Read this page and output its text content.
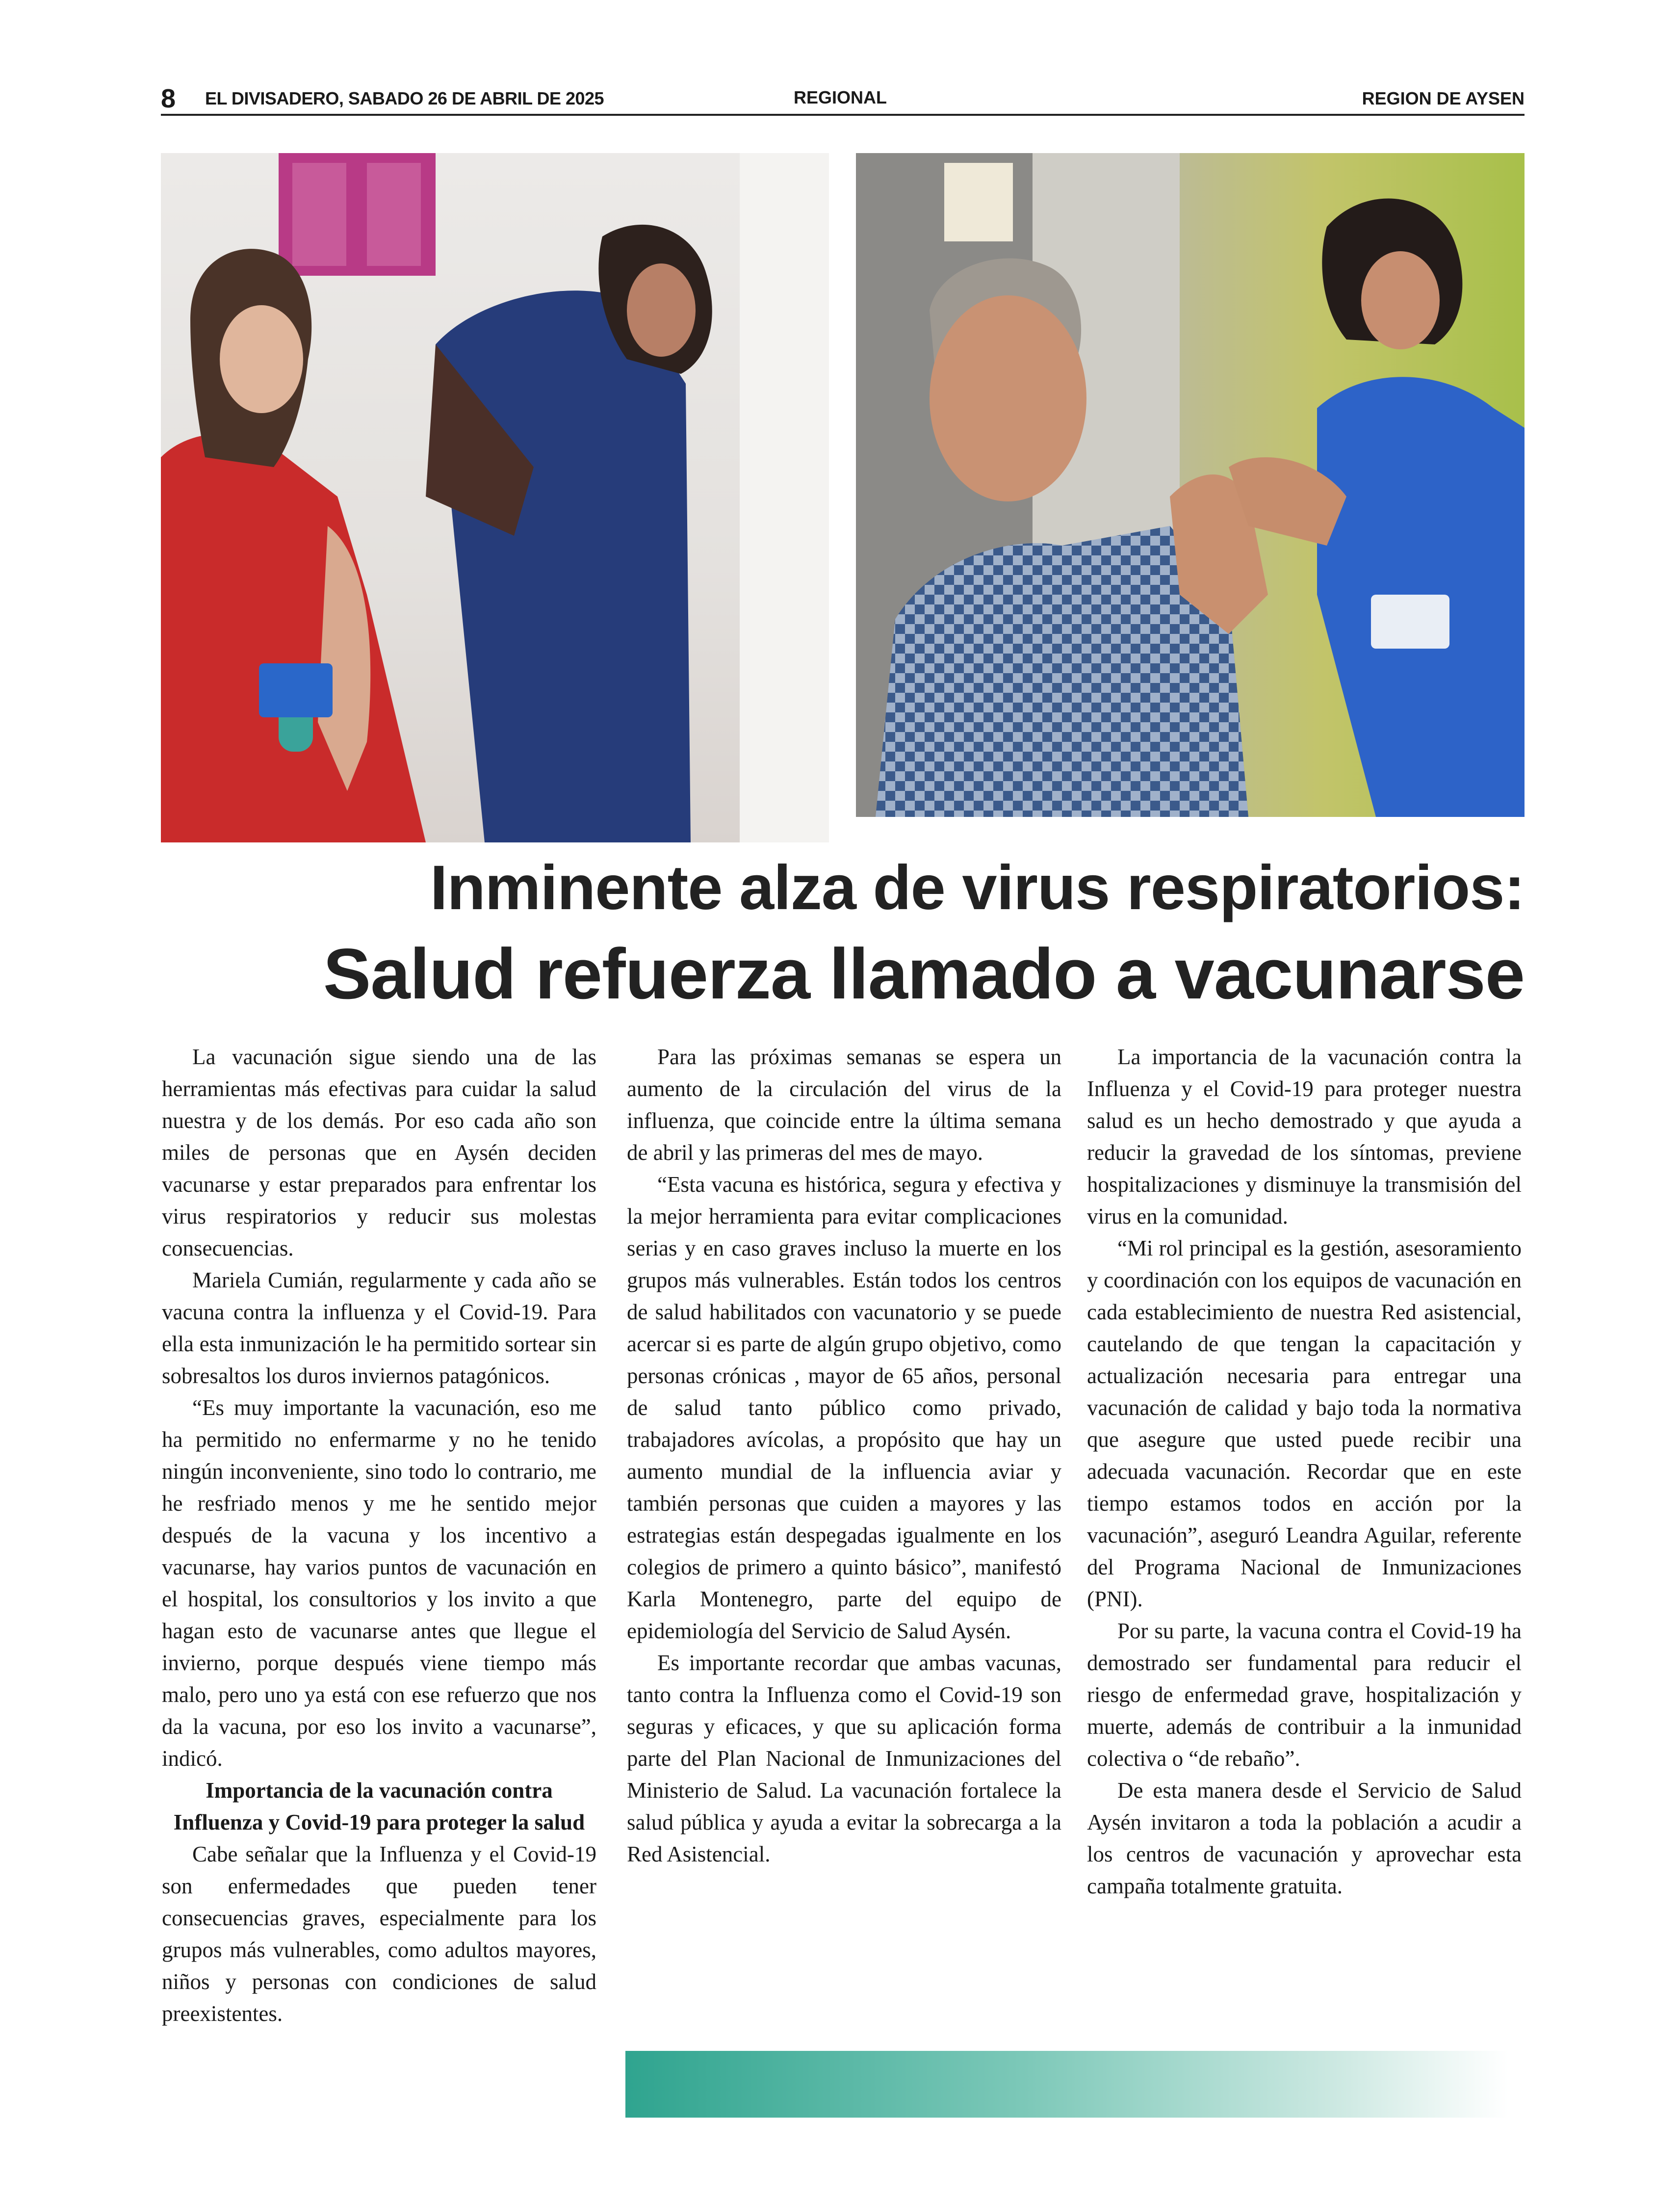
8 EL DIVISADERO, SABADO 26 DE ABRIL DE 2025	REGIONAL	REGION DE AYSEN
Inminente alza de virus respiratorios:
Salud refuerza llamado a vacunarse

La vacunación sigue siendo una de las herramientas más efectivas para cuidar la salud nuestra y de los demás. Por eso cada año son miles de personas que en Aysén deciden vacunarse y estar preparados para enfrentar los virus respiratorios y reducir sus molestas consecuencias.

Mariela Cumián, regularmente y cada año se vacuna contra la influenza y el Covid-19. Para ella esta inmunización le ha permitido sortear sin sobresaltos los duros inviernos patagónicos.

“Es muy importante la vacunación, eso me ha permitido no enfermarme y no he tenido ningún inconveniente, sino todo lo contrario, me he resfriado menos y me he sentido mejor después de la vacuna y los incentivo a vacunarse, hay varios puntos de vacunación en el hospital, los consultorios y los invito a que hagan esto de vacunarse antes que llegue el invierno, porque después viene tiempo más malo, pero uno ya está con ese refuerzo que nos da la vacuna, por eso los invito a vacunarse”, indicó.

Importancia de la vacunación contra Influenza y Covid-19 para proteger la salud

Cabe señalar que la Influenza y el Covid-19 son enfermedades que pueden tener consecuencias graves, especialmente para los grupos más vulnerables, como adultos mayores, niños y personas con condiciones de salud preexistentes.

Para las próximas semanas se espera un aumento de la circulación del virus de la influenza, que coincide entre la última semana de abril y las primeras del mes de mayo.

“Esta vacuna es histórica, segura y efectiva y la mejor herramienta para evitar complicaciones serias y en caso graves incluso la muerte en los grupos más vulnerables. Están todos los centros de salud habilitados con vacunatorio y se puede acercar si es parte de algún grupo objetivo, como personas crónicas , mayor de 65 años, personal de salud tanto público como privado, trabajadores avícolas, a propósito que hay un aumento mundial de la influencia aviar y también personas que cuiden a mayores y las estrategias están despegadas igualmente en los colegios de primero a quinto básico”, manifestó Karla Montenegro, parte del equipo de epidemiología del Servicio de Salud Aysén.

Es importante recordar que ambas vacunas, tanto contra la Influenza como el Covid-19 son seguras y eficaces, y que su aplicación forma parte del Plan Nacional de Inmunizaciones del Ministerio de Salud. La vacunación fortalece la salud pública y ayuda a evitar la sobrecarga a la Red Asistencial.

La importancia de la vacunación contra la Influenza y el Covid-19 para proteger nuestra salud es un hecho demostrado y que ayuda a reducir la gravedad de los síntomas, previene hospitalizaciones y disminuye la transmisión del virus en la comunidad.

“Mi rol principal es la gestión, asesoramiento y coordinación con los equipos de vacunación en cada establecimiento de nuestra Red asistencial, cautelando de que tengan la capacitación y actualización necesaria para entregar una vacunación de calidad y bajo toda la normativa que asegure que usted puede recibir una adecuada vacunación. Recordar que en este tiempo estamos todos en acción por la vacunación”, aseguró Leandra Aguilar, referente del Programa Nacional de Inmunizaciones (PNI).

Por su parte, la vacuna contra el Covid-19 ha demostrado ser fundamental para reducir el riesgo de enfermedad grave, hospitalización y muerte, además de contribuir a la inmunidad colectiva o “de rebaño”.

De esta manera desde el Servicio de Salud Aysén invitaron a toda la población a acudir a los centros de vacunación y aprovechar esta campaña totalmente gratuita.
